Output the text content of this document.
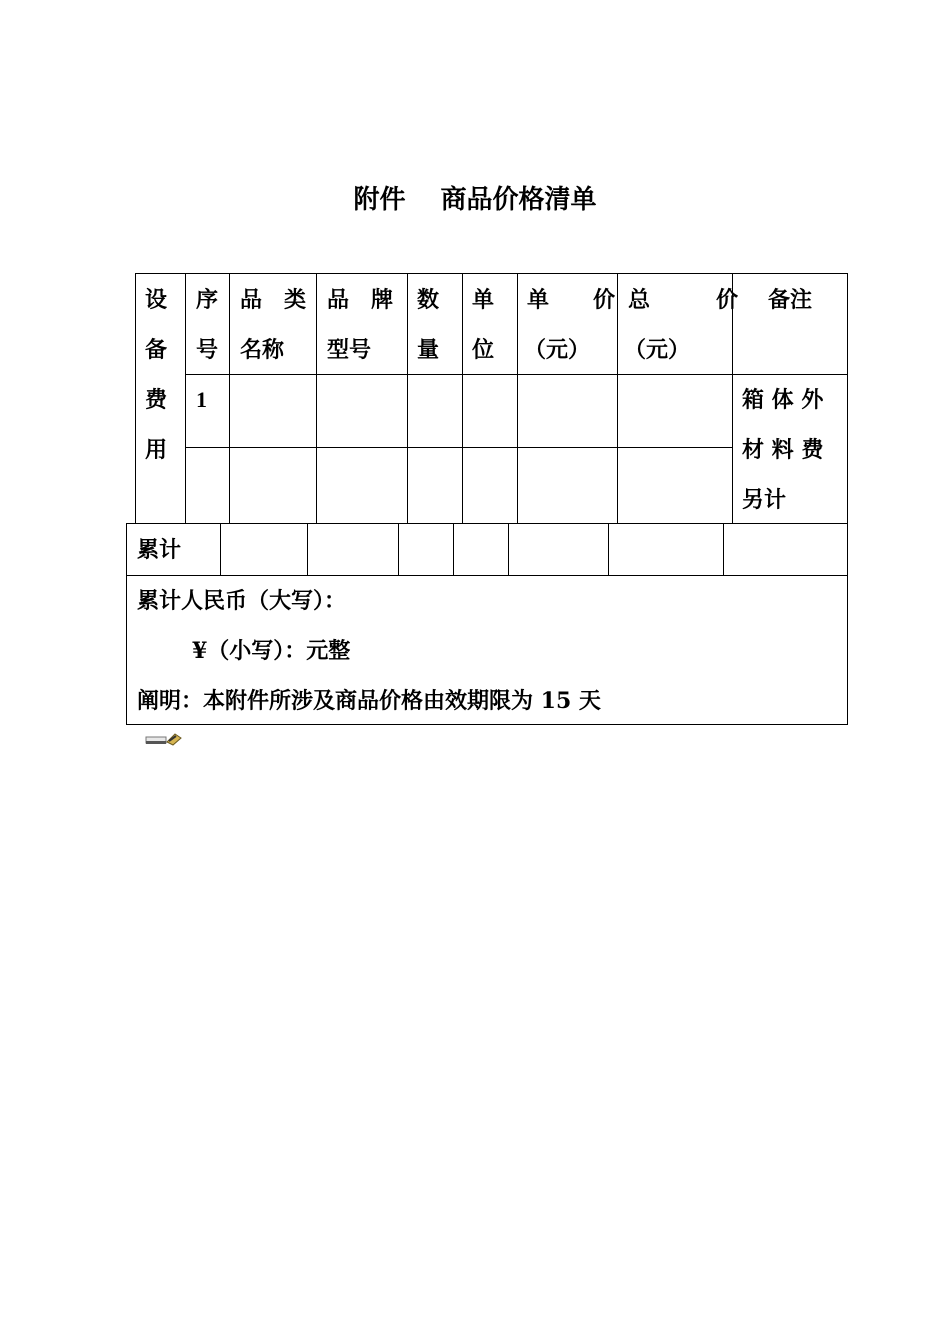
附件　 商品价格清单
设
备
费
用
序
号
品　类
名称
品　牌
型号
数
量
单
位
单　　价
（元）
总　　　价
（元）
备注
1	箱 体 外
材 料 费
另计
累计
累计人民币（大写）：
¥（小写）：元整
阐明：本附件所涉及商品价格由效期限为 15 天
